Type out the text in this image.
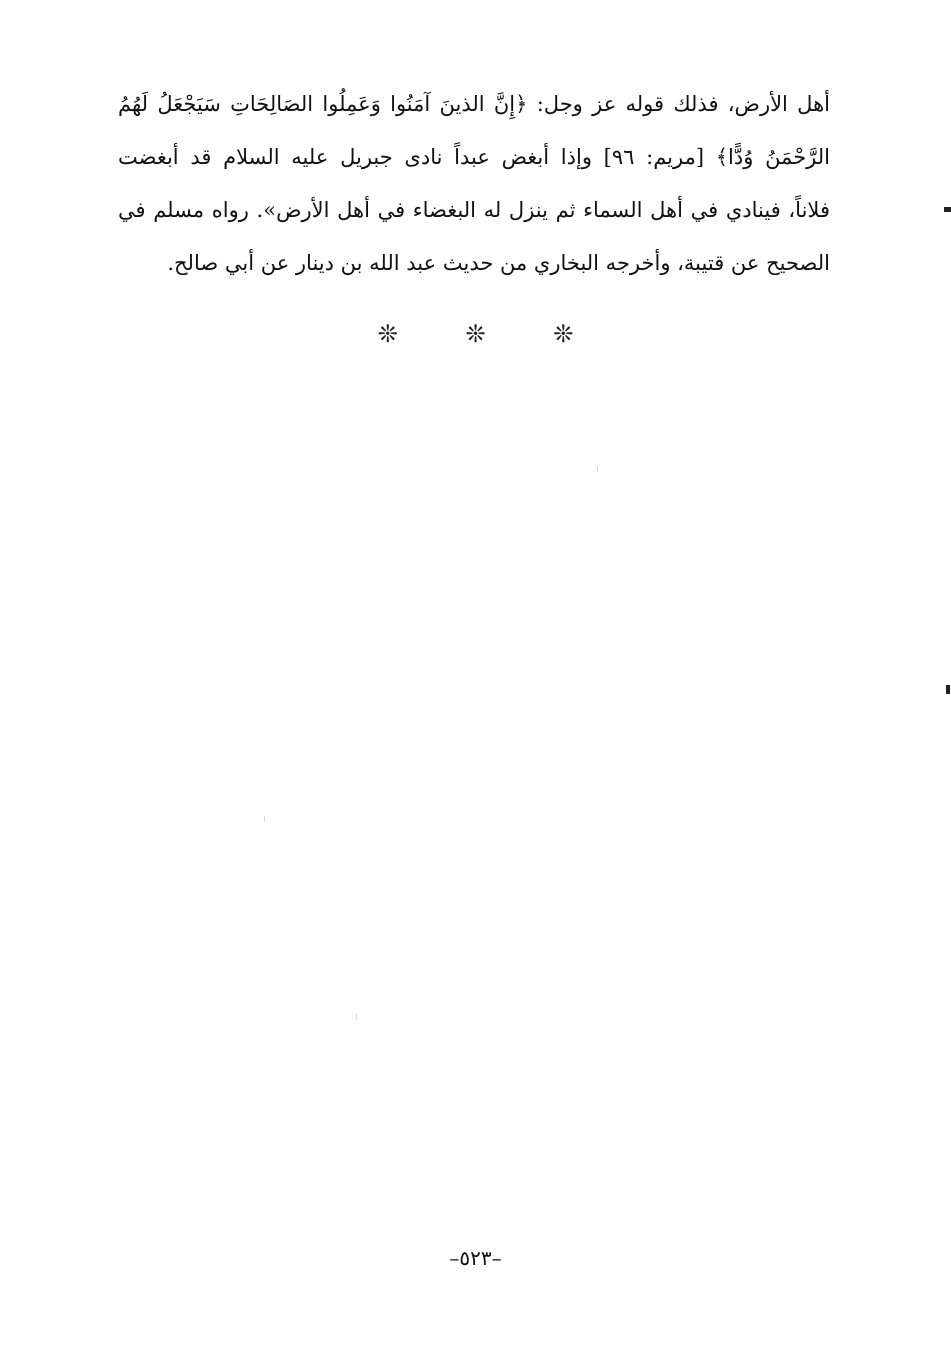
أهل الأرض، فذلك قوله عز وجل: ﴿إِنَّ الذينَ آمَنُوا وَعَمِلُوا الصَالِحَاتِ سَيَجْعَلُ لَهُمُ
الرَّحْمَنُ وُدًّا﴾ [مريم: ٩٦] وإذا أبغض عبداً نادى جبريل عليه السلام قد أبغضت
فلاناً، فينادي في أهل السماء ثم ينزل له البغضاء في أهل الأرض». رواه مسلم في
الصحيح عن قتيبة، وأخرجه البخاري من حديث عبد الله بن دينار عن أبي صالح.
❊	❊	❊
–٥٢٣–
